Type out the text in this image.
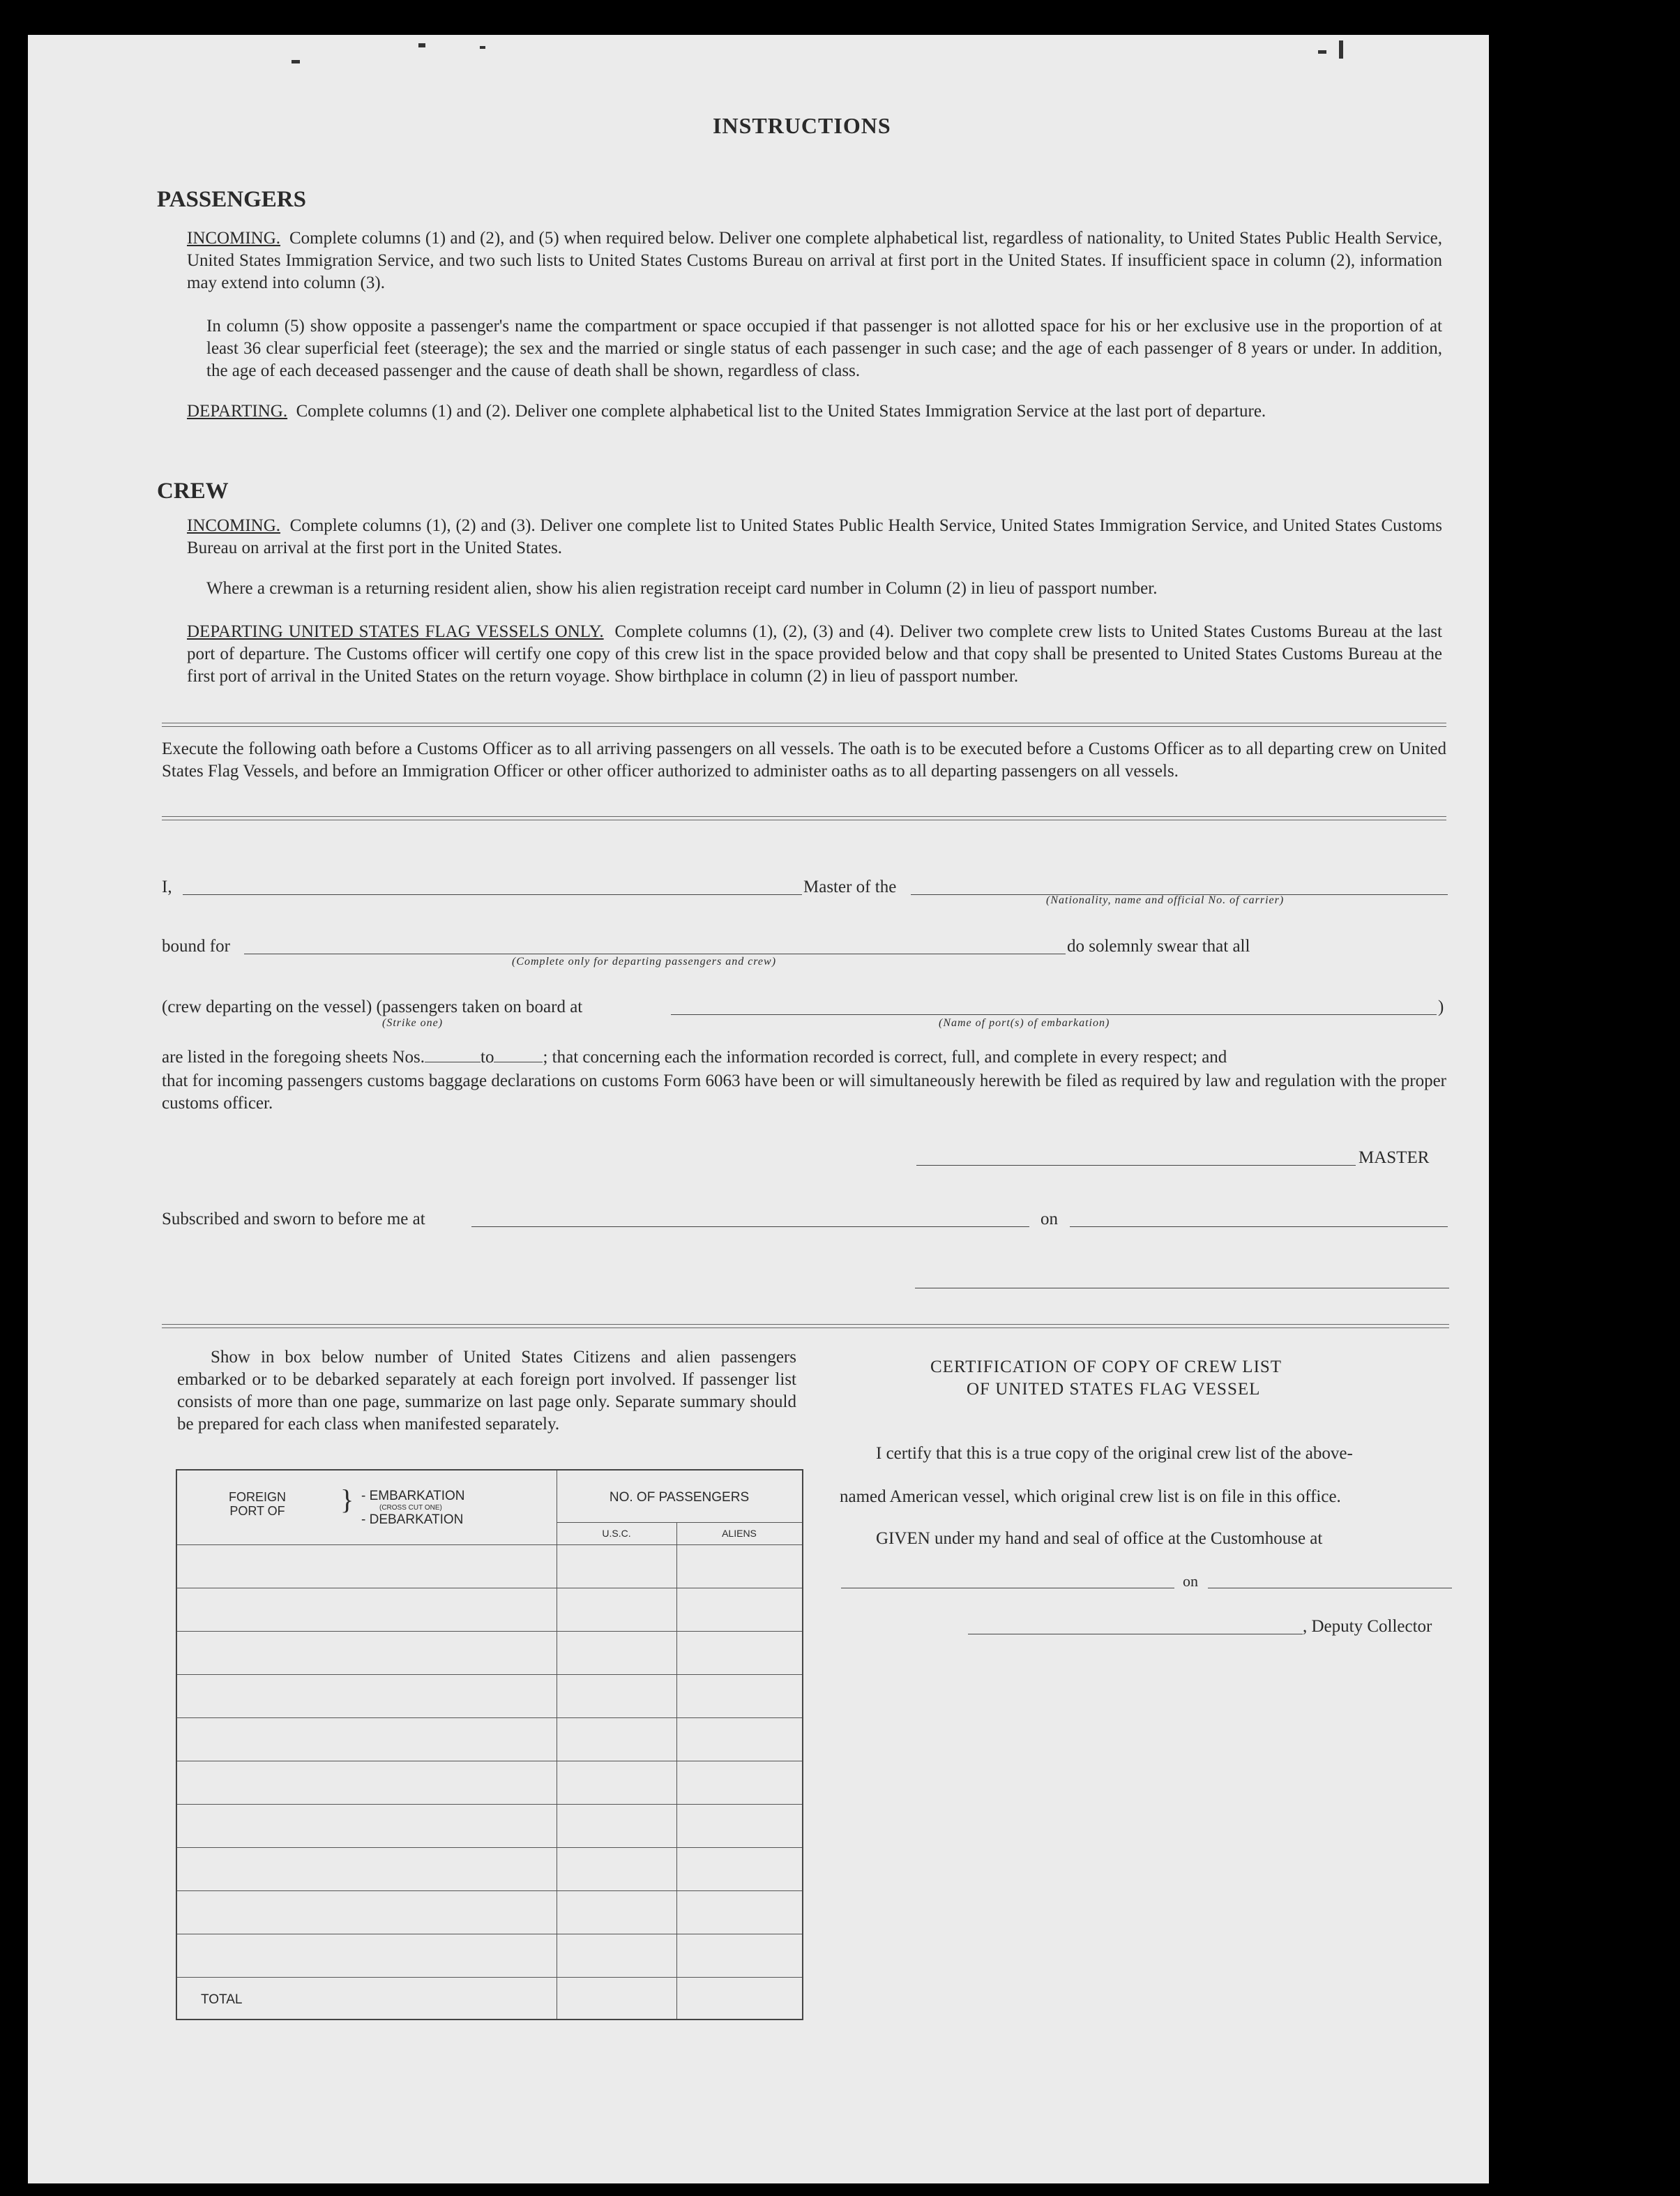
INSTRUCTIONS
PASSENGERS
INCOMING. Complete columns (1) and (2), and (5) when required below. Deliver one complete alphabetical list, regardless of nationality, to United States Public Health Service, United States Immigration Service, and two such lists to United States Customs Bureau on arrival at first port in the United States. If insufficient space in column (2), information may extend into column (3).
In column (5) show opposite a passenger's name the compartment or space occupied if that passenger is not allotted space for his or her exclusive use in the proportion of at least 36 clear superficial feet (steerage); the sex and the married or single status of each passenger in such case; and the age of each passenger of 8 years or under. In addition, the age of each deceased passenger and the cause of death shall be shown, regardless of class.
DEPARTING. Complete columns (1) and (2). Deliver one complete alphabetical list to the United States Immigration Service at the last port of departure.
CREW
INCOMING. Complete columns (1), (2) and (3). Deliver one complete list to United States Public Health Service, United States Immigration Service, and United States Customs Bureau on arrival at the first port in the United States.
Where a crewman is a returning resident alien, show his alien registration receipt card number in Column (2) in lieu of passport number.
DEPARTING UNITED STATES FLAG VESSELS ONLY. Complete columns (1), (2), (3) and (4). Deliver two complete crew lists to United States Customs Bureau at the last port of departure. The Customs officer will certify one copy of this crew list in the space provided below and that copy shall be presented to United States Customs Bureau at the first port of arrival in the United States on the return voyage. Show birthplace in column (2) in lieu of passport number.
Execute the following oath before a Customs Officer as to all arriving passengers on all vessels. The oath is to be executed before a Customs Officer as to all departing crew on United States Flag Vessels, and before an Immigration Officer or other officer authorized to administer oaths as to all departing passengers on all vessels.
I,	Master of the
(Nationality, name and official No. of carrier)
bound for	do solemnly swear that all
(Complete only for departing passengers and crew)
(crew departing on the vessel) (passengers taken on board at	)
(Strike one)	(Name of port(s) of embarkation)
are listed in the foregoing sheets Nos.	to	; that concerning each the information recorded is correct, full, and complete in every respect; and
that for incoming passengers customs baggage declarations on customs Form 6063 have been or will simultaneously herewith be filed as required by law and regulation with the proper customs officer.
MASTER
Subscribed and sworn to before me at	on
Show in box below number of United States Citizens and alien passengers embarked or to be debarked separately at each foreign port involved. If passenger list consists of more than one page, summarize on last page only. Separate summary should be prepared for each class when manifested separately.
FOREIGN PORT OF	} - EMBARKATION
(CROSS CUT ONE)
- DEBARKATION
NO. OF PASSENGERS
U.S.C.	ALIENS
TOTAL
CERTIFICATION OF COPY OF CREW LIST
OF UNITED STATES FLAG VESSEL
I certify that this is a true copy of the original crew list of the above-
named American vessel, which original crew list is on file in this office.
GIVEN under my hand and seal of office at the Customhouse at
on
, Deputy Collector
